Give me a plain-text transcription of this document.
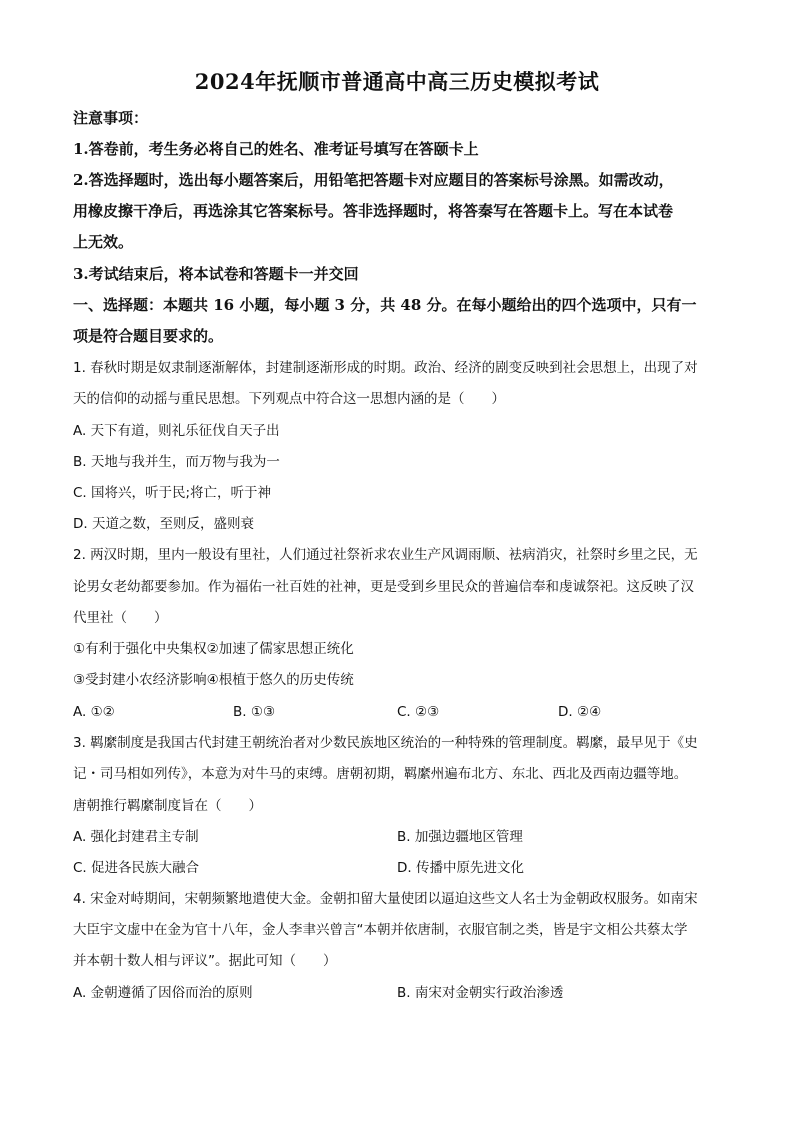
2024年抚顺市普通高中高三历史模拟考试
注意事项：
1.答卷前，考生务必将自己的姓名、准考证号填写在答颐卡上
2.答选择题时，选出每小题答案后，用铅笔把答题卡对应题目的答案标号涂黑。如需改动，
用橡皮擦干净后，再选涂其它答案标号。答非选择题时，将答秦写在答题卡上。写在本试卷
上无效。
3.考试结束后，将本试卷和答题卡一并交回
一、选择题：本题共 16 小题，每小题 3 分，共 48 分。在每小题给出的四个选项中，只有一
项是符合题目要求的。
1. 春秋时期是奴隶制逐渐解体，封建制逐渐形成的时期。政治、经济的剧变反映到社会思想上，出现了对
天的信仰的动摇与重民思想。下列观点中符合这一思想内涵的是（　　）
A. 天下有道，则礼乐征伐自天子出
B. 天地与我并生，而万物与我为一
C. 国将兴，听于民;将亡，听于神
D. 天道之数，至则反，盛则衰
2. 两汉时期，里内一般设有里社，人们通过社祭祈求农业生产风调雨顺、袪病消灾，社祭时乡里之民，无
论男女老幼都要参加。作为福佑一社百姓的社神，更是受到乡里民众的普遍信奉和虔诚祭祀。这反映了汉
代里社（　　）
①有利于强化中央集权②加速了儒家思想正统化
③受封建小农经济影响④根植于悠久的历史传统
A. ①②	B. ①③	C. ②③	D. ②④
3. 羁縻制度是我国古代封建王朝统治者对少数民族地区统治的一种特殊的管理制度。羁縻，最早见于《史
记・司马相如列传》，本意为对牛马的束缚。唐朝初期，羁縻州遍布北方、东北、西北及西南边疆等地。
唐朝推行羁縻制度旨在（　　）
A. 强化封建君主专制	B. 加强边疆地区管理
C. 促进各民族大融合	D. 传播中原先进文化
4. 宋金对峙期间，宋朝频繁地遣使大金。金朝扣留大量使团以逼迫这些文人名士为金朝政权服务。如南宋
大臣宇文虚中在金为官十八年，金人李聿兴曾言“本朝并依唐制，衣服官制之类，皆是宇文相公共蔡太学
并本朝十数人相与评议”。据此可知（　　）
A. 金朝遵循了因俗而治的原则	B. 南宋对金朝实行政治渗透
